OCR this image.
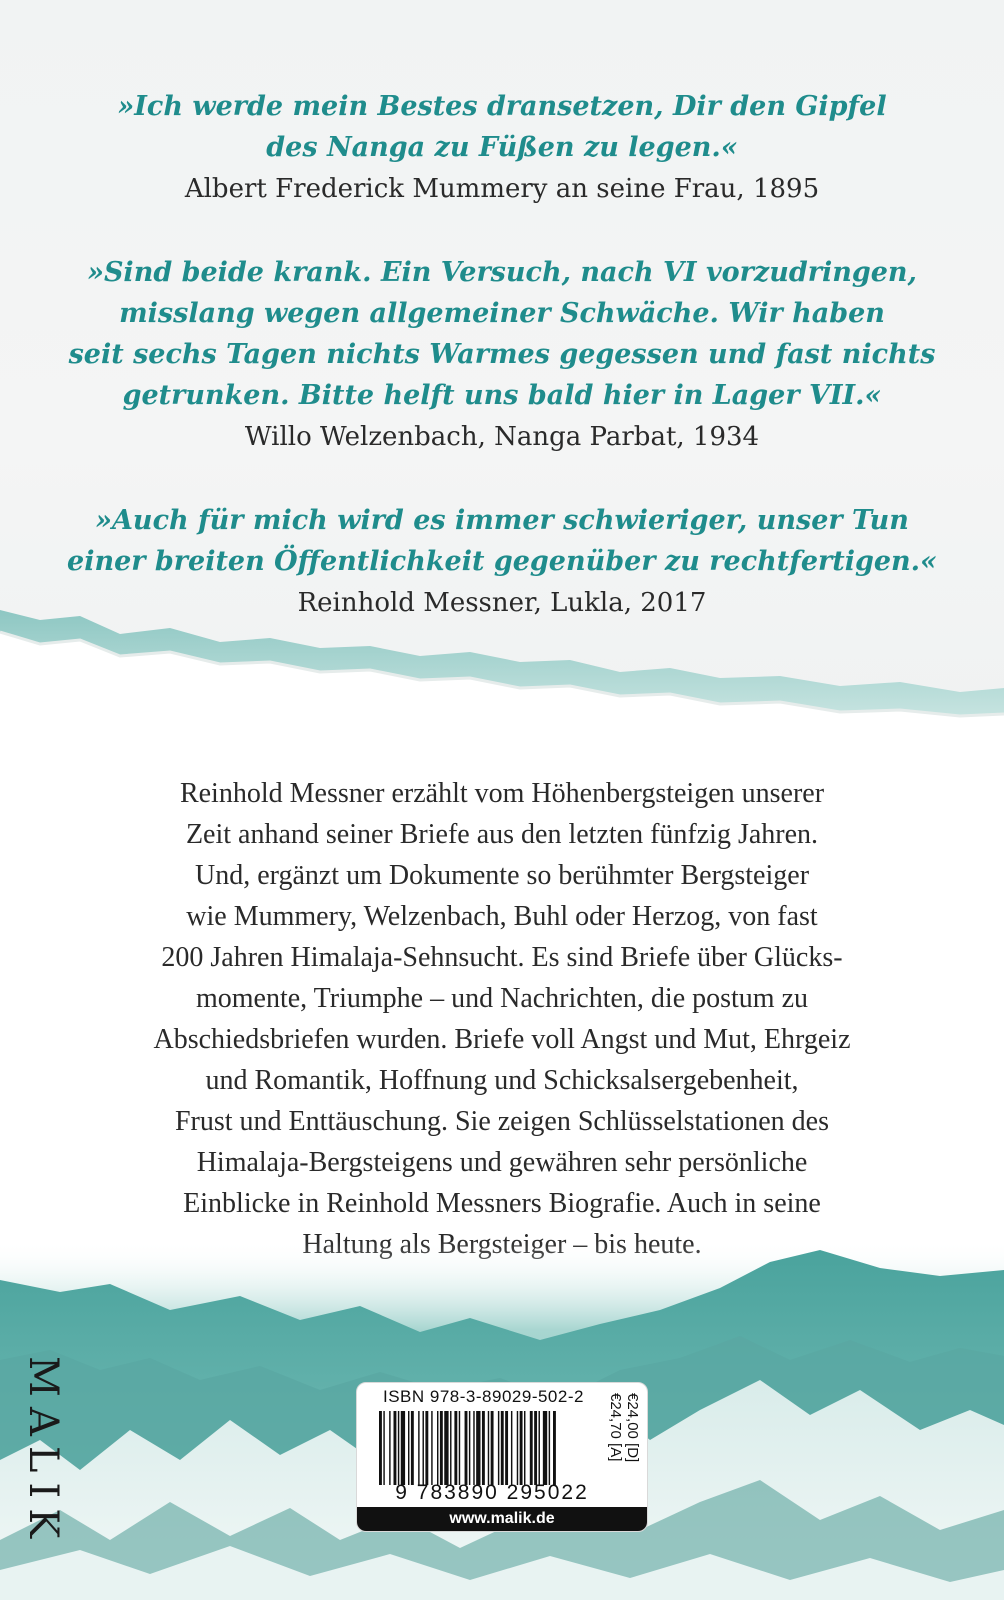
»Ich werde mein Bestes dransetzen, Dir den Gipfel
des Nanga zu Füßen zu legen.«
Albert Frederick Mummery an seine Frau, 1895
»Sind beide krank. Ein Versuch, nach VI vorzudringen,
misslang wegen allgemeiner Schwäche. Wir haben
seit sechs Tagen nichts Warmes gegessen und fast nichts
getrunken. Bitte helft uns bald hier in Lager VII.«
Willo Welzenbach, Nanga Parbat, 1934
»Auch für mich wird es immer schwieriger, unser Tun
einer breiten Öffentlichkeit gegenüber zu rechtfertigen.«
Reinhold Messner, Lukla, 2017
Reinhold Messner erzählt vom Höhenbergsteigen unserer
Zeit anhand seiner Briefe aus den letzten fünfzig Jahren.
Und, ergänzt um Dokumente so berühmter Bergsteiger
wie Mummery, Welzenbach, Buhl oder Herzog, von fast
200 Jahren Himalaja-Sehnsucht. Es sind Briefe über Glücks-
momente, Triumphe – und Nachrichten, die postum zu
Abschiedsbriefen wurden. Briefe voll Angst und Mut, Ehrgeiz
und Romantik, Hoffnung und Schicksalsergebenheit,
Frust und Enttäuschung. Sie zeigen Schlüsselstationen des
Himalaja-Bergsteigens und gewähren sehr persönliche
Einblicke in Reinhold Messners Biografie. Auch in seine
MALIK	ISBN 978-3-89029-502-2
9 783890 295022
€24,00 [D]
€24,70 [A]
www.malik.de
